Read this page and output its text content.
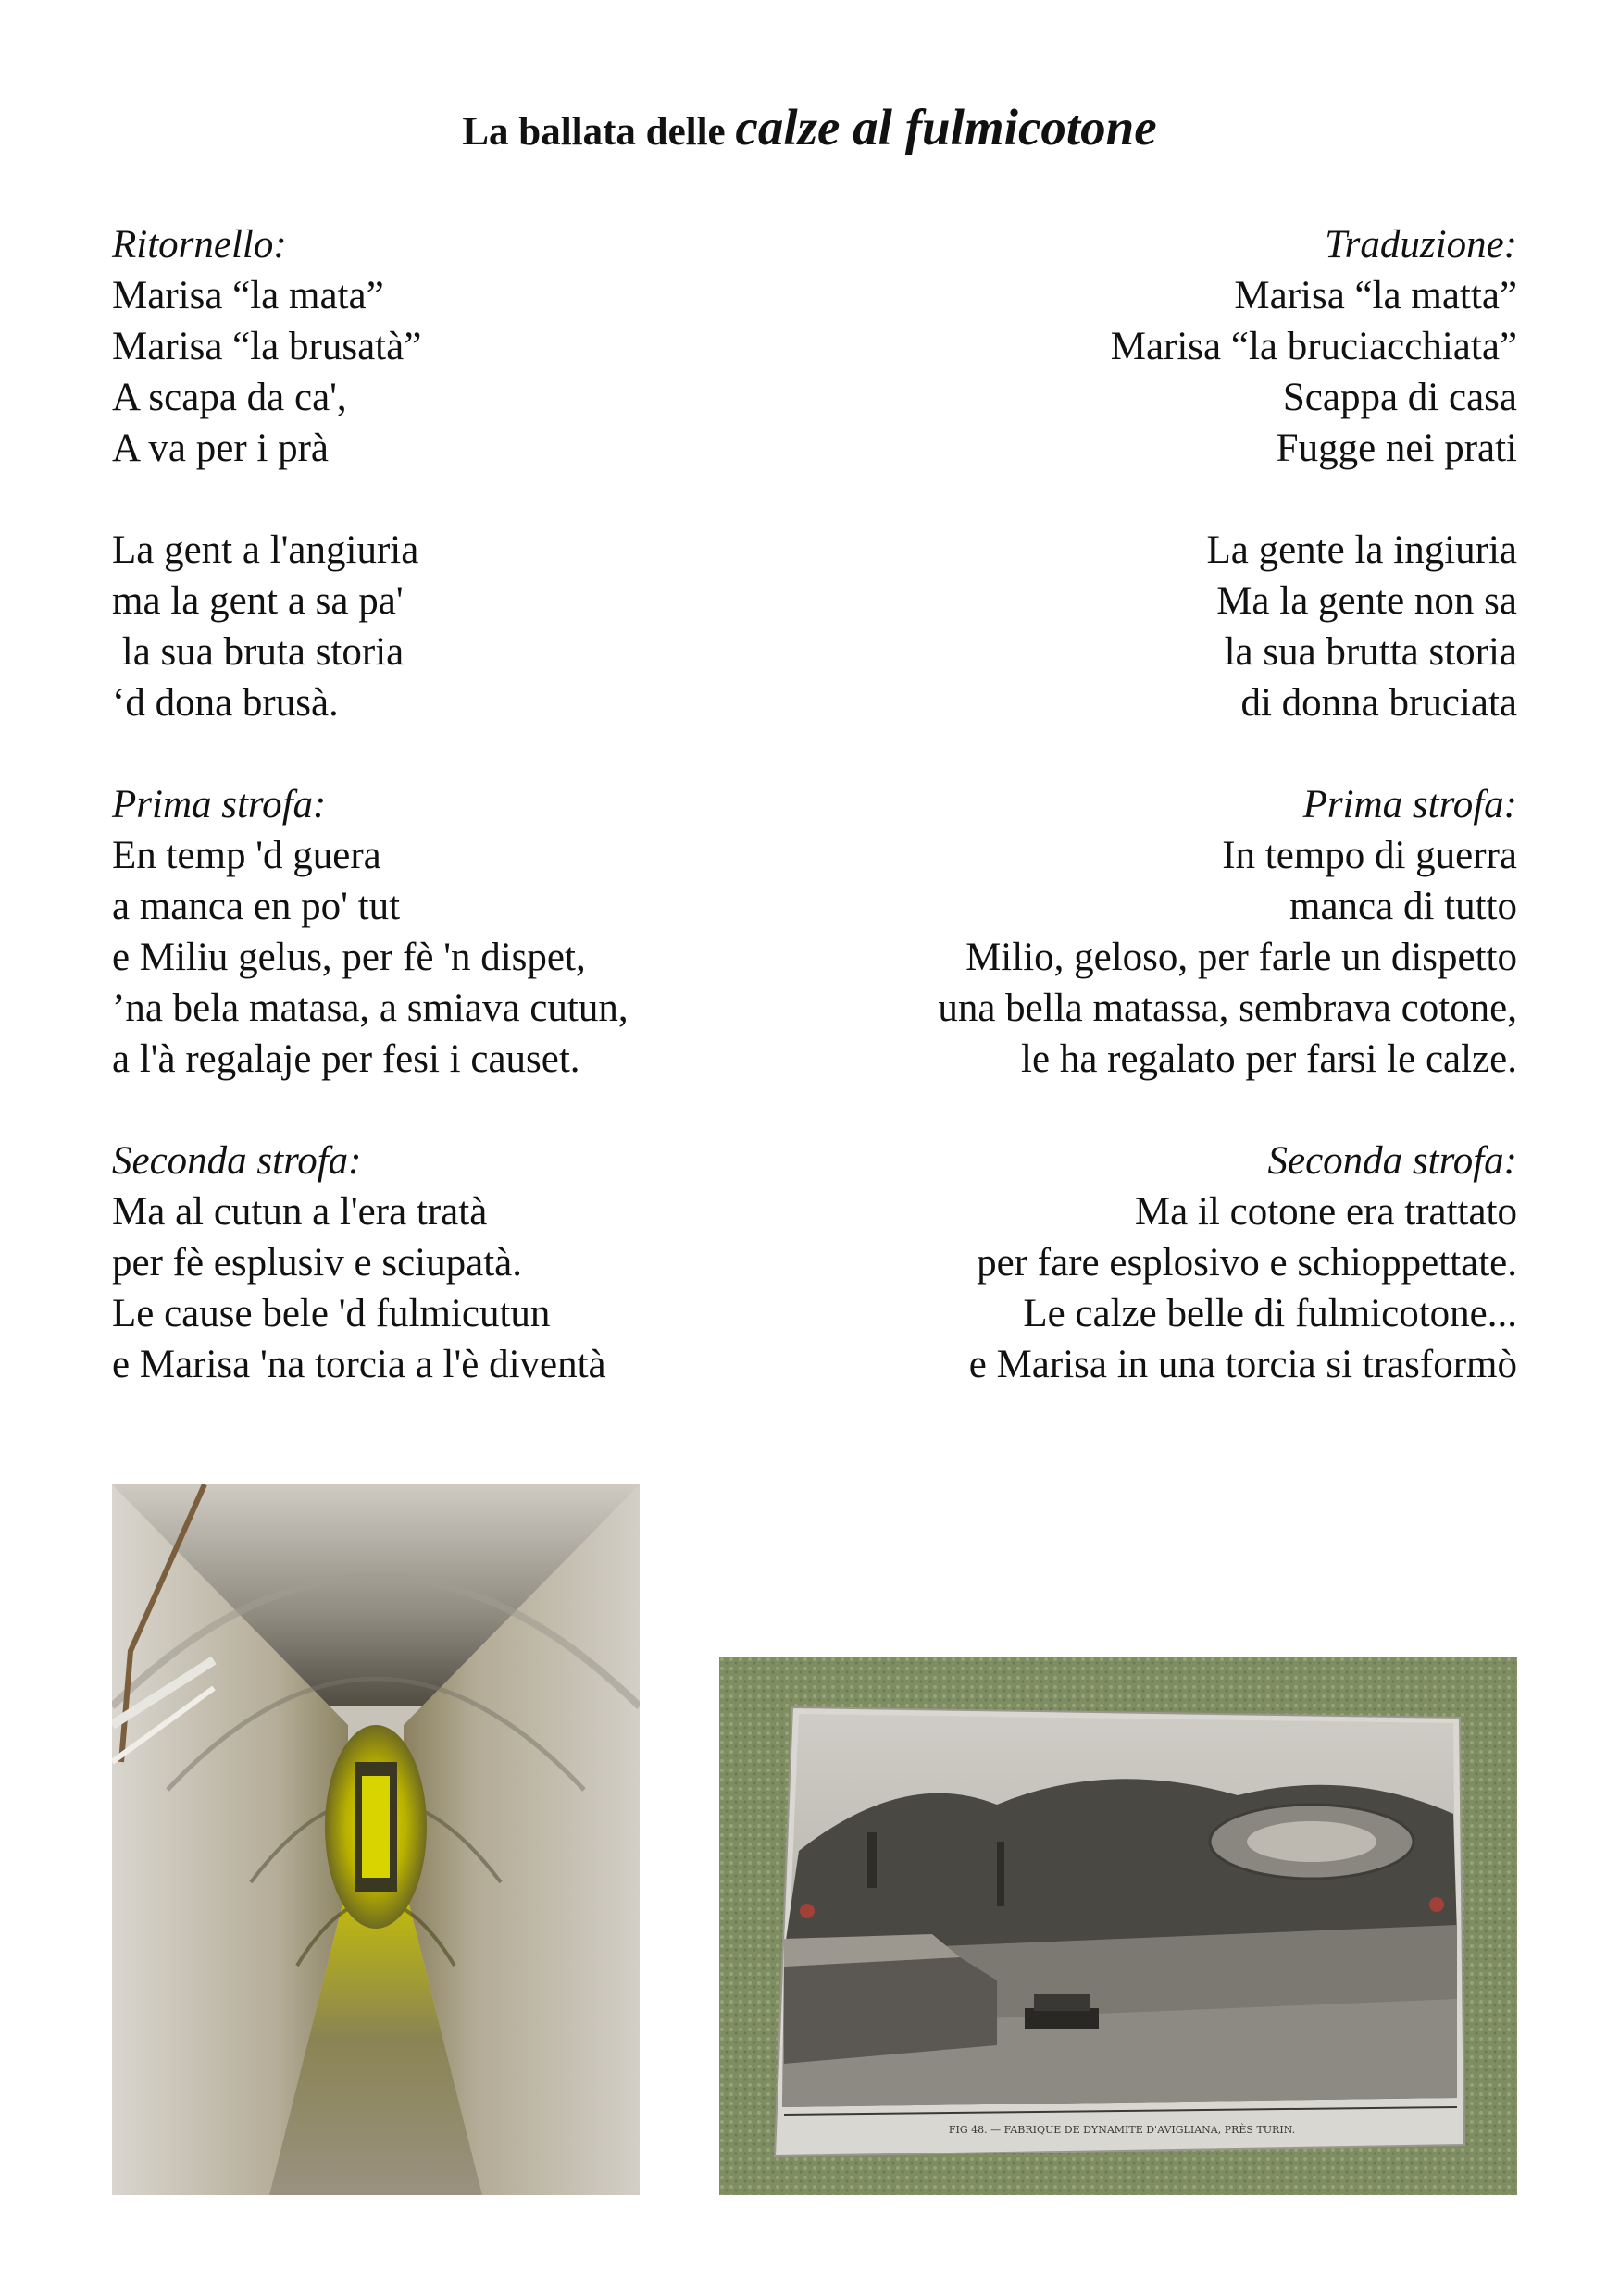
La ballata delle calze al fulmicotone
Ritornello:
Marisa “la mata”
Marisa “la brusatà”
A scapa da ca',
A va per i prà
La gent a l'angiuria
ma la gent a sa pa'
la sua bruta storia
‘d dona brusà.
Prima strofa:
En temp 'd guera
a manca en po' tut
e Miliu gelus, per fè 'n dispet,
’na bela matasa, a smiava cutun,
a l'à regalaje per fesi i causet.
Seconda strofa:
Ma al cutun a l'era tratà
per fè esplusiv e sciupatà.
Le cause bele 'd fulmicutun
e Marisa 'na torcia a l'è diventà
Traduzione:
Marisa “la matta”
Marisa “la bruciacchiata”
Scappa di casa
Fugge nei prati
La gente la ingiuria
Ma la gente non sa
la sua brutta storia
di donna bruciata
Prima strofa:
In tempo di guerra
manca di tutto
Milio, geloso, per farle un dispetto
una bella matassa, sembrava cotone,
le ha regalato per farsi le calze.
Seconda strofa:
Ma il cotone era trattato
per fare esplosivo e schioppettate.
Le calze belle di fulmicotone...
e Marisa in una torcia si trasformò
FIG 48. — FABRIQUE DE DYNAMITE D'AVIGLIANA, PRÈS TURIN.
